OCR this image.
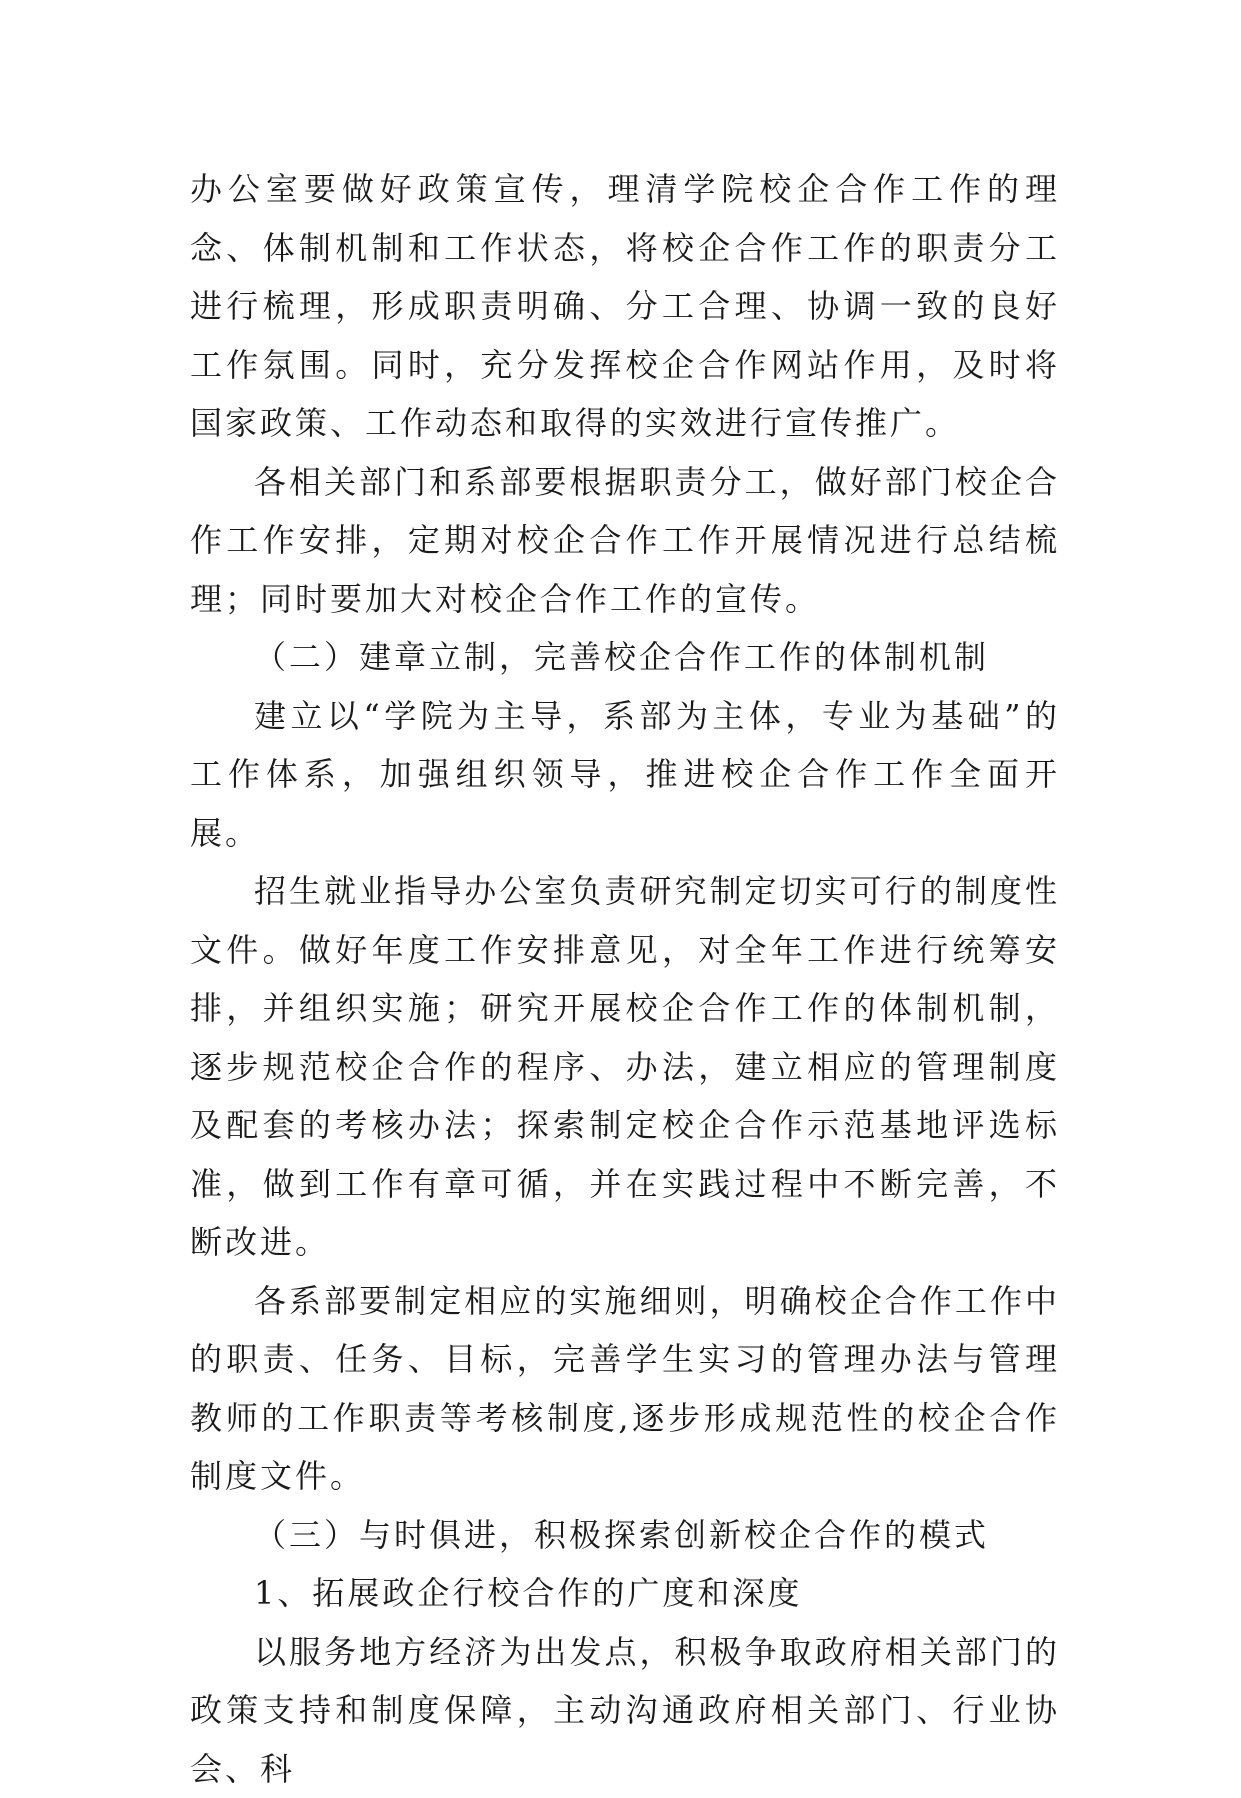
办公室要做好政策宣传，理清学院校企合作工作的理念、体制机制和工作状态，将校企合作工作的职责分工进行梳理，形成职责明确、分工合理、协调一致的良好工作氛围。同时，充分发挥校企合作网站作用，及时将国家政策、工作动态和取得的实效进行宣传推广。

各相关部门和系部要根据职责分工，做好部门校企合作工作安排，定期对校企合作工作开展情况进行总结梳理；同时要加大对校企合作工作的宣传。

（二）建章立制，完善校企合作工作的体制机制

建立以“学院为主导，系部为主体，专业为基础”的工作体系，加强组织领导，推进校企合作工作全面开展。

招生就业指导办公室负责研究制定切实可行的制度性文件。做好年度工作安排意见，对全年工作进行统筹安排，并组织实施；研究开展校企合作工作的体制机制，逐步规范校企合作的程序、办法，建立相应的管理制度及配套的考核办法；探索制定校企合作示范基地评选标准，做到工作有章可循，并在实践过程中不断完善，不断改进。

各系部要制定相应的实施细则，明确校企合作工作中的职责、任务、目标，完善学生实习的管理办法与管理教师的工作职责等考核制度,逐步形成规范性的校企合作制度文件。

（三）与时俱进，积极探索创新校企合作的模式

1、拓展政企行校合作的广度和深度

以服务地方经济为出发点，积极争取政府相关部门的政策支持和制度保障，主动沟通政府相关部门、行业协会、科
